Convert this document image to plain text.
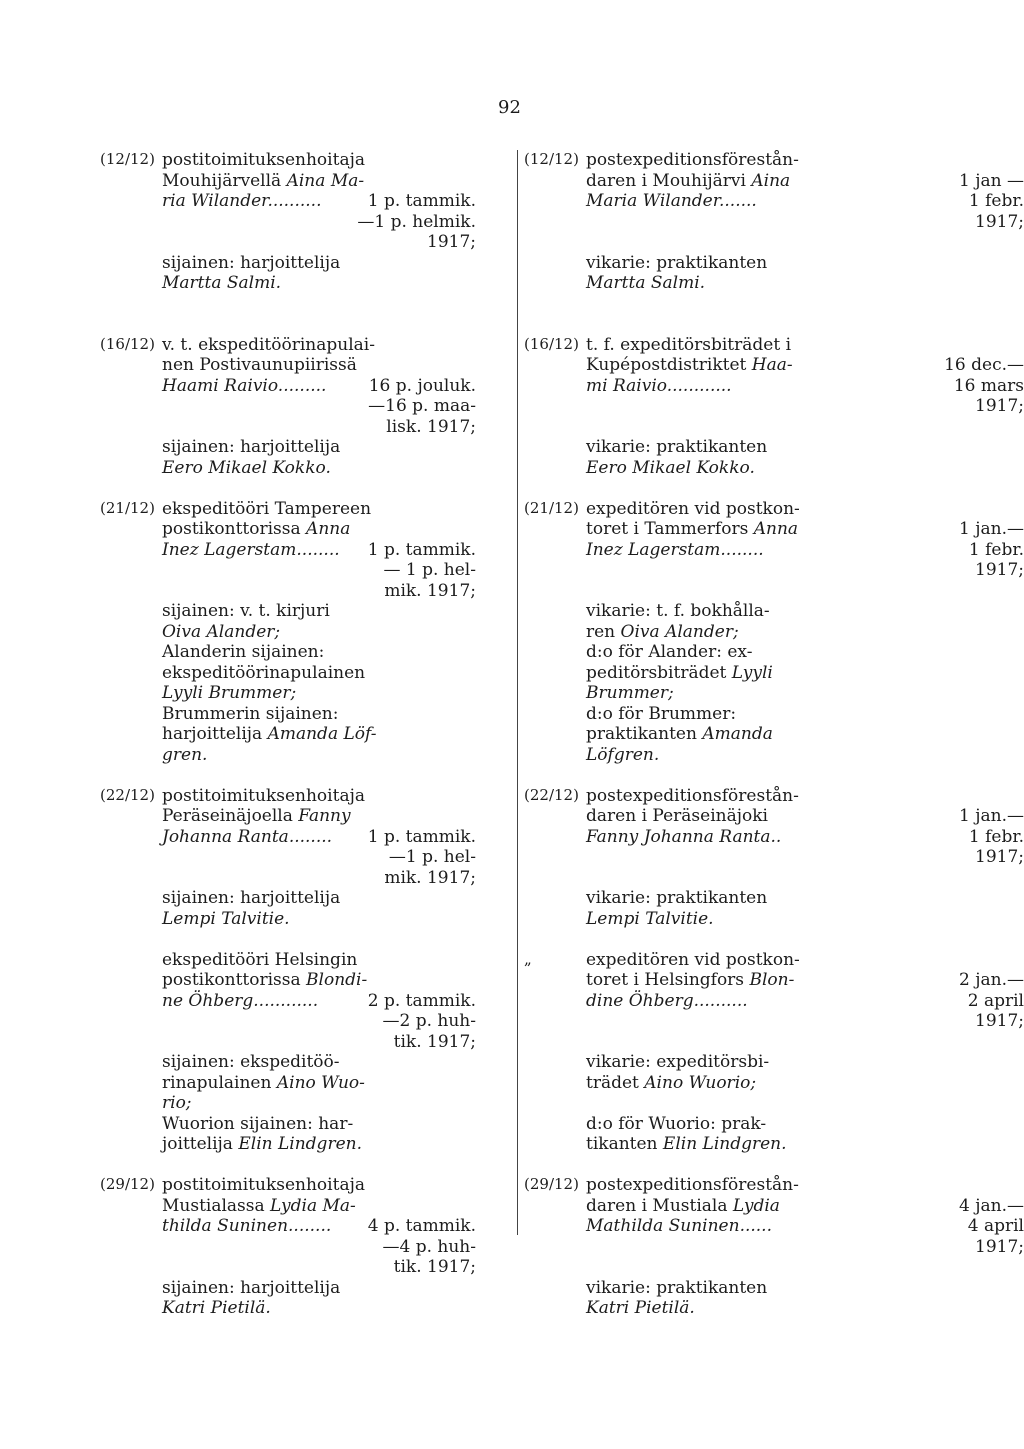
92
(12/12) postitoimituksenhoitaja
Mouhijärvellä Aina Ma-
ria Wilander..........
sijainen: harjoittelija
Martta Salmi.
1 p. tammik.
—1 p. helmik.
1917;
(16/12) v. t. ekspeditöörinapulai-
nen Postivaunupiirissä
Haami Raivio.........
sijainen: harjoittelija
Eero Mikael Kokko.
16 p. jouluk.
—16 p. maa-
lisk. 1917;
(21/12) ekspeditööri Tampereen
postikonttorissa Anna
Inez Lagerstam........
sijainen: v. t. kirjuri
Oiva Alander;
Alanderin sijainen:
ekspeditöörinapulainen
Lyyli Brummer;
Brummerin sijainen:
harjoittelija Amanda Löf-
gren.
1 p. tammik.
— 1 p. hel-
mik. 1917;
(22/12) postitoimituksenhoitaja
Peräseinäjoella Fanny
Johanna Ranta........
sijainen: harjoittelija
Lempi Talvitie.
1 p. tammik.
—1 p. hel-
mik. 1917;
ekspeditööri Helsingin
postikonttorissa Blondi-
ne Öhberg............
sijainen: ekspeditöö-
rinapulainen Aino Wuo-
rio;
Wuorion sijainen: har-
joittelija Elin Lindgren.
2 p. tammik.
—2 p. huh-
tik. 1917;
(29/12) postitoimituksenhoitaja
Mustialassa Lydia Ma-
thilda Suninen........
sijainen: harjoittelija
Katri Pietilä.
4 p. tammik.
—4 p. huh-
tik. 1917;
(12/12) postexpeditionsförestån-
daren i Mouhijärvi Aina
Maria Wilander.......
vikarie: praktikanten
Martta Salmi.
1 jan —
1 febr.
1917;
(16/12) t. f. expeditörsbiträdet i
Kupépostdistriktet Haa-
mi Raivio............
vikarie: praktikanten
Eero Mikael Kokko.
16 dec.—
16 mars
1917;
(21/12) expeditören vid postkon-
toret i Tammerfors Anna
Inez Lagerstam........
vikarie: t. f. bokhålla-
ren Oiva Alander;
d:o för Alander: ex-
peditörsbiträdet Lyyli
Brummer;
d:o för Brummer:
praktikanten Amanda
Löfgren.
1 jan.—
1 febr.
1917;
(22/12) postexpeditionsförestån-
daren i Peräseinäjoki
Fanny Johanna Ranta..
vikarie: praktikanten
Lempi Talvitie.
1 jan.—
1 febr.
1917;
„	expeditören vid postkon-
toret i Helsingfors Blon-
dine Öhberg..........
vikarie: expeditörsbi-
trädet Aino Wuorio;
d:o för Wuorio: prak-
tikanten Elin Lindgren.
2 jan.—
2 april
1917;
(29/12) postexpeditionsförestån-
daren i Mustiala Lydia
Mathilda Suninen......
vikarie: praktikanten
Katri Pietilä.
4 jan.—
4 april
1917;
